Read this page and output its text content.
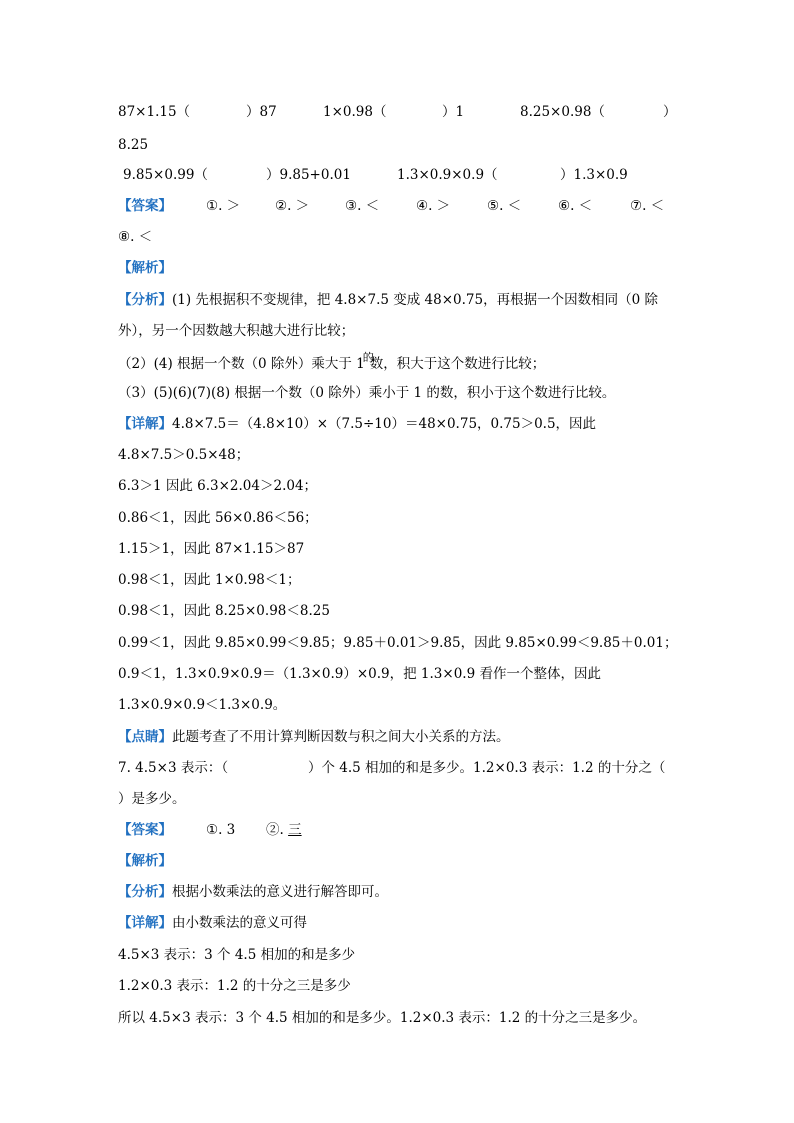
87×1.15（	）87	1×0.98（	）1	8.25×0.98（	）
8.25
9.85×0.99（	）9.85+0.01	1.3×0.9×0.9（	）1.3×0.9
【答案】	①. ＞	②. ＞	③. ＜	④. ＞	⑤. ＜	⑥. ＜	⑦. ＜
⑧. ＜
【解析】
【分析】(1) 先根据积不变规律，把 4.8×7.5 变成 48×0.75，再根据一个因数相同（0 除
外），另一个因数越大积越大进行比较；
（2）(4) 根据一个数（0 除外）乘大于 $1^的$数，积大于这个数进行比较；
（3）(5)(6)(7)(8) 根据一个数（0 除外）乘小于 1 的数，积小于这个数进行比较。
【详解】4.8×7.5＝（4.8×10）×（7.5÷10）＝48×0.75，0.75＞0.5，因此
4.8×7.5＞0.5×48；
6.3＞1 因此 6.3×2.04＞2.04；
0.86＜1，因此 56×0.86＜56；
1.15＞1，因此 87×1.15＞87
0.98＜1，因此 1×0.98＜1；
0.98＜1，因此 8.25×0.98＜8.25
0.99＜1，因此 9.85×0.99＜9.85；9.85＋0.01＞9.85，因此 9.85×0.99＜9.85＋0.01；
0.9＜1，1.3×0.9×0.9＝（1.3×0.9）×0.9，把 1.3×0.9 看作一个整体，因此
1.3×0.9×0.9＜1.3×0.9。
【点睛】此题考查了不用计算判断因数与积之间大小关系的方法。
7. 4.5×3 表示：（	）个 4.5 相加的和是多少。1.2×0.3 表示：1.2 的十分之（
）是多少。
【答案】	①. 3 ②. 三
【解析】
【分析】根据小数乘法的意义进行解答即可。
【详解】由小数乘法的意义可得
4.5×3 表示：3 个 4.5 相加的和是多少
1.2×0.3 表示：1.2 的十分之三是多少
所以 4.5×3 表示：3 个 4.5 相加的和是多少。1.2×0.3 表示：1.2 的十分之三是多少。
